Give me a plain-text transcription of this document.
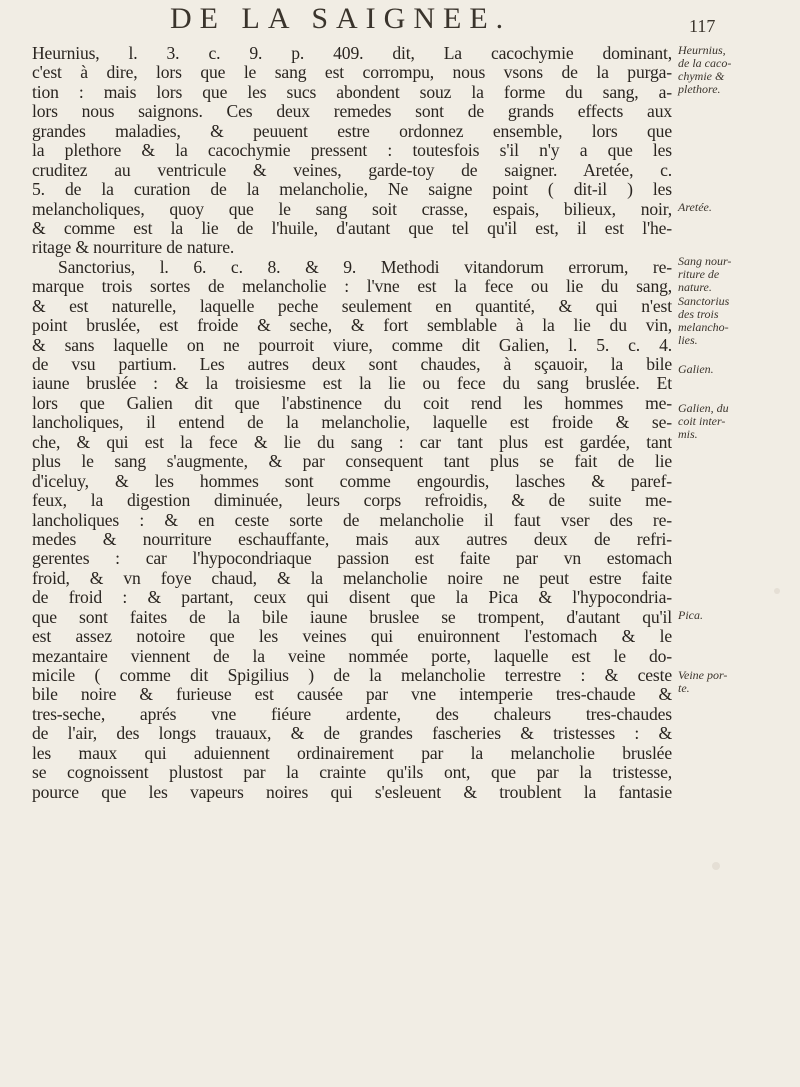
DE LA SAIGNEE.	117
Heurnius, l. 3. c. 9. p. 409. dit, La cacochymie dominant,
c'est à dire, lors que le sang est corrompu, nous vsons de la purga-
tion : mais lors que les sucs abondent souz la forme du sang, a-
lors nous saignons. Ces deux remedes sont de grands effects aux
grandes maladies, & peuuent estre ordonnez ensemble, lors que
la plethore & la cacochymie pressent : toutesfois s'il n'y a que les
cruditez au ventricule & veines, garde-toy de saigner. Aretée, c.
5. de la curation de la melancholie, Ne saigne point ( dit-il ) les
melancholiques, quoy que le sang soit crasse, espais, bilieux, noir,
& comme est la lie de l'huile, d'autant que tel qu'il est, il est l'he-
ritage & nourriture de nature.
Sanctorius, l. 6. c. 8. & 9. Methodi vitandorum errorum, re-
marque trois sortes de melancholie : l'vne est la fece ou lie du sang,
& est naturelle, laquelle peche seulement en quantité, & qui n'est
point bruslée, est froide & seche, & fort semblable à la lie du vin,
& sans laquelle on ne pourroit viure, comme dit Galien, l. 5. c. 4.
de vsu partium. Les autres deux sont chaudes, à sçauoir, la bile
iaune bruslée : & la troisiesme est la lie ou fece du sang bruslée. Et
lors que Galien dit que l'abstinence du coit rend les hommes me-
lancholiques, il entend de la melancholie, laquelle est froide & se-
che, & qui est la fece & lie du sang : car tant plus est gardée, tant
plus le sang s'augmente, & par consequent tant plus se fait de lie
d'iceluy, & les hommes sont comme engourdis, lasches & paref-
feux, la digestion diminuée, leurs corps refroidis, & de suite me-
lancholiques : & en ceste sorte de melancholie il faut vser des re-
medes & nourriture eschauffante, mais aux autres deux de refri-
gerentes : car l'hypocondriaque passion est faite par vn estomach
froid, & vn foye chaud, & la melancholie noire ne peut estre faite
de froid : & partant, ceux qui disent que la Pica & l'hypocondria-
que sont faites de la bile iaune bruslee se trompent, d'autant qu'il
est assez notoire que les veines qui enuironnent l'estomach & le
mezantaire viennent de la veine nommée porte, laquelle est le do-
micile ( comme dit Spigilius ) de la melancholie terrestre : & ceste
bile noire & furieuse est causée par vne intemperie tres-chaude &
tres-seche, aprés vne fiéure ardente, des chaleurs tres-chaudes
de l'air, des longs trauaux, & de grandes fascheries & tristesses : &
les maux qui aduiennent ordinairement par la melancholie bruslée
se cognoissent plustost par la crainte qu'ils ont, que par la tristesse,
pource que les vapeurs noires qui s'esleuent & troublent la fantasie
Heurnius,
de la caco-
chymie &
plethore.
Aretée.
Sang nour-
riture de
nature.
Sanctorius
des trois
melancho-
lies.
Galien.
Galien, du
coit inter-
mis.
Pica.
Veine por-
te.
